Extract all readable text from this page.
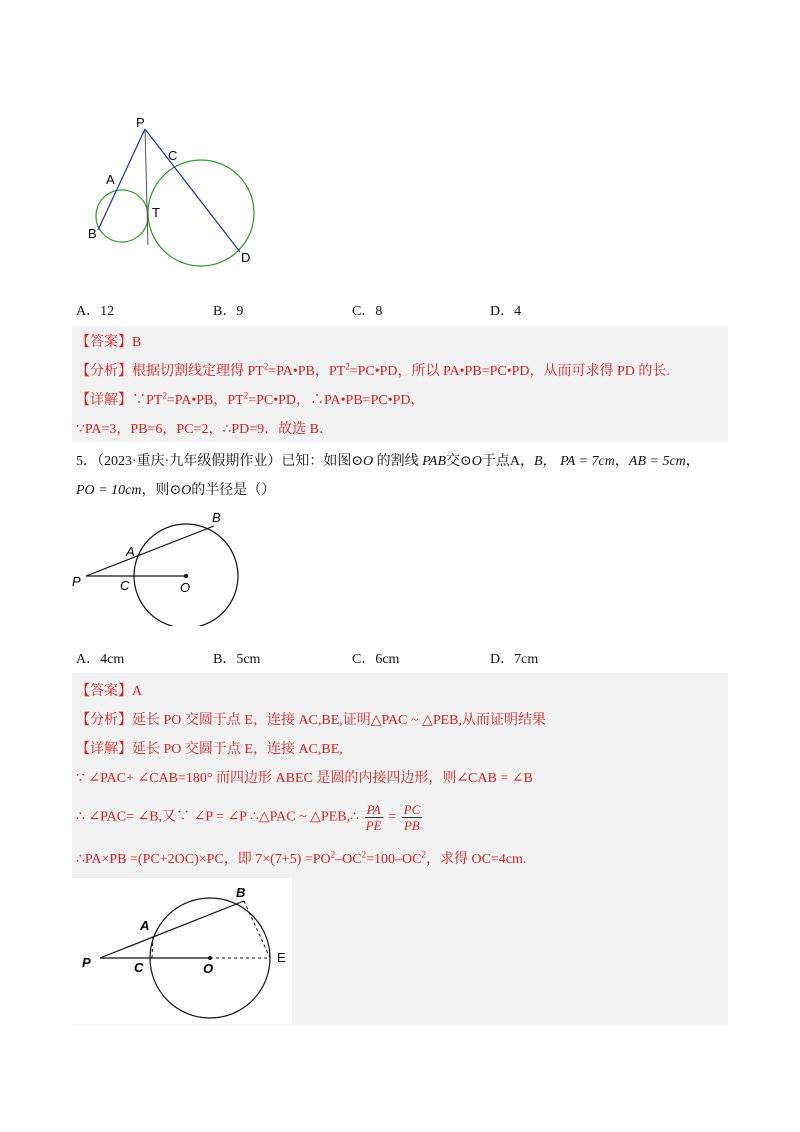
P
A
B
C
T
D
A．12	B．9	C．8	D．4
【答案】B
【分析】根据切割线定理得 $PT^2=PA•PB$，$PT^2=PC•PD$，所以 PA•PB=PC•PD，从而可求得 PD 的长.
【详解】$\because PT^2=PA•PB$，$PT^2=PC•PD$，∴PA•PB=PC•PD，
∵PA=3，PB=6，PC=2，∴PD=9．故选 B．
5．（2023·重庆·九年级假期作业）已知：如图⊙O 的割线 PAB交⊙O于点A，B， PA = 7cm，AB = 5cm，
PO = 10cm，则⊙O的半径是（）
B
A
P	C	O
A．4cm	B．5cm	C．6cm	D．7cm
【答案】A
【分析】延长 PO 交圆于点 E，连接 AC,BE,证明△PAC ~ △PEB,从而证明结果
【详解】延长 PO 交圆于点 E，连接 AC,BE,
∵ ∠PAC+ ∠CAB=180° 而四边形 ABEC 是圆的内接四边形，则∠CAB = ∠B
∴ ∠PAC= ∠B,又∵ ∠P = ∠P ∴△PAC ~ △PEB,∴ $\frac{PA}{PE} = \frac{PC}{PB}$
∴PA×PB =(PC+2OC)×PC，即 $7\times(7+5) =PO^2-OC^2=100-OC^2$，求得 OC=4cm.
B
A
P	C	O
E
